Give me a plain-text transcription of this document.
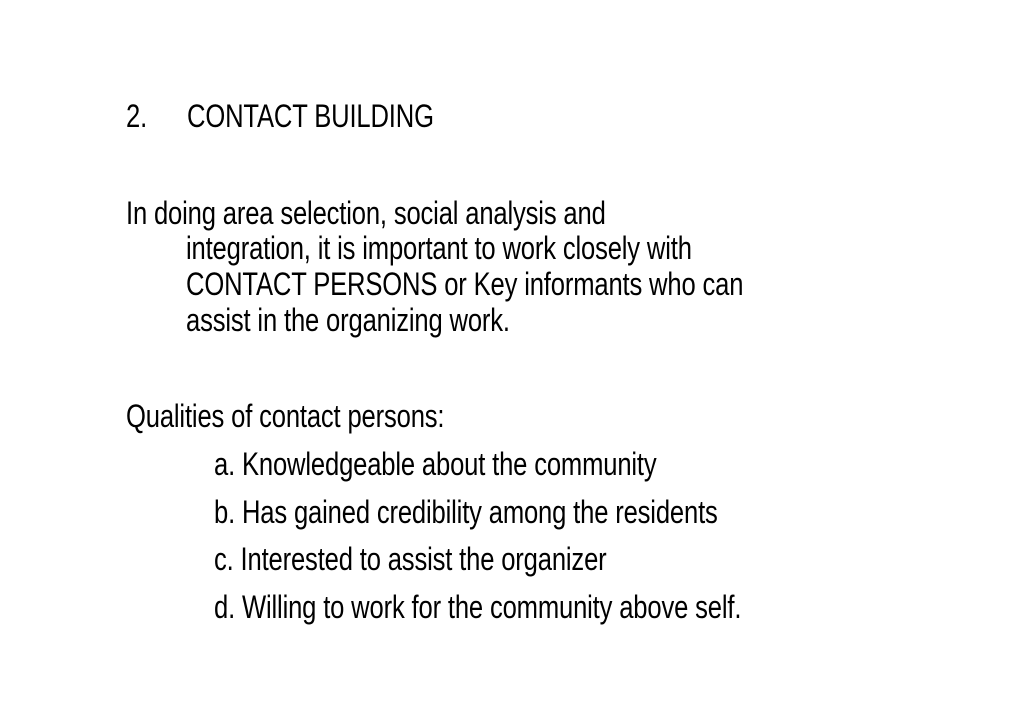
2. CONTACT BUILDING
In doing area selection, social analysis and
integration, it is important to work closely with
CONTACT PERSONS or Key informants who can
assist in the organizing work.
Qualities of contact persons:
a. Knowledgeable about the community
b. Has gained credibility among the residents
c. Interested to assist the organizer
d. Willing to work for the community above self.
